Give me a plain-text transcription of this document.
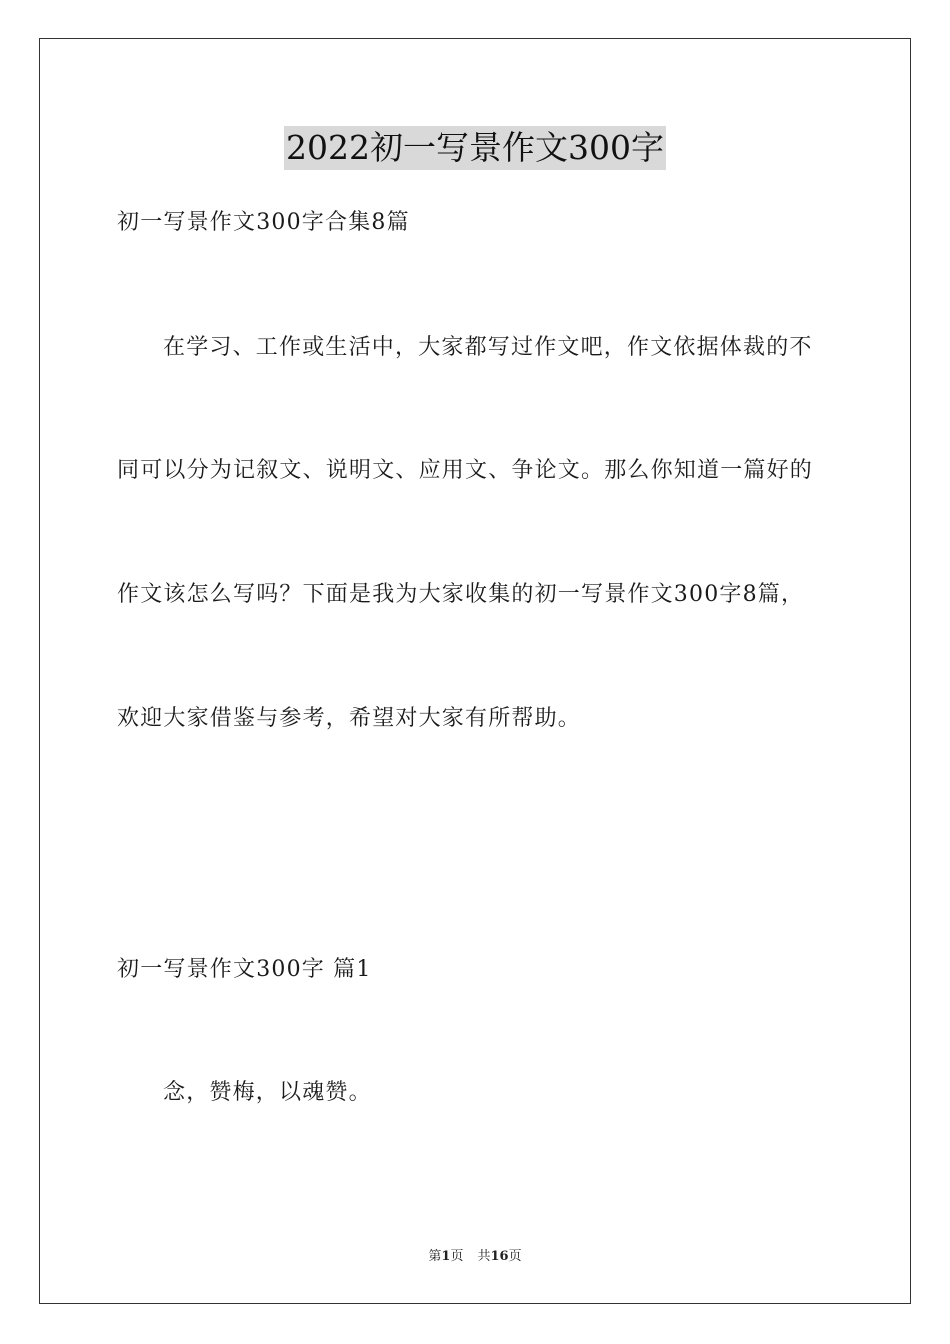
2022初一写景作文300字
初一写景作文300字合集8篇
在学习、工作或生活中，大家都写过作文吧，作文依据体裁的不
同可以分为记叙文、说明文、应用文、争论文。那么你知道一篇好的
作文该怎么写吗？下面是我为大家收集的初一写景作文300字8篇，
欢迎大家借鉴与参考，希望对大家有所帮助。
初一写景作文300字 篇1
念，赞梅，以魂赞。
第1页 共16页
